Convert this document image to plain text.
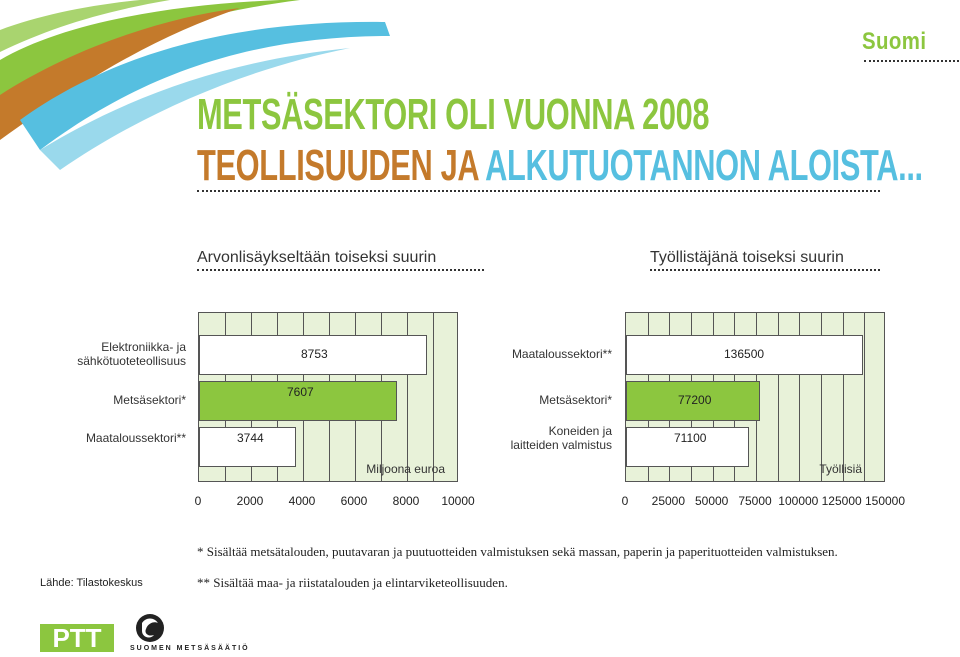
Suomi
METSÄSEKTORI OLI VUONNA 2008
TEOLLISUUDEN JA ALKUTUOTANNON ALOISTA...
Arvonlisäykseltään toiseksi suurin	Työllistäjänä toiseksi suurin
8753
7607
3744
Miljoona euroa
Elektroniikka- ja
sähkötuoteteollisuus
Metsäsektori*
Maataloussektori**
0	2000 4000 6000 8000 10000
136500
77200
71100
Työllisiä
Maataloussektori**
Metsäsektori*
Koneiden ja
laitteiden valmistus
0 25000 50000 75000 100000 125000 150000
* Sisältää metsätalouden, puutavaran ja puutuotteiden valmistuksen sekä massan, paperin ja paperituotteiden valmistuksen.
** Sisältää maa- ja riistatalouden ja elintarviketeollisuuden.
Lähde: Tilastokeskus
PTT	SUOMEN METSÄSÄÄTIÖ
